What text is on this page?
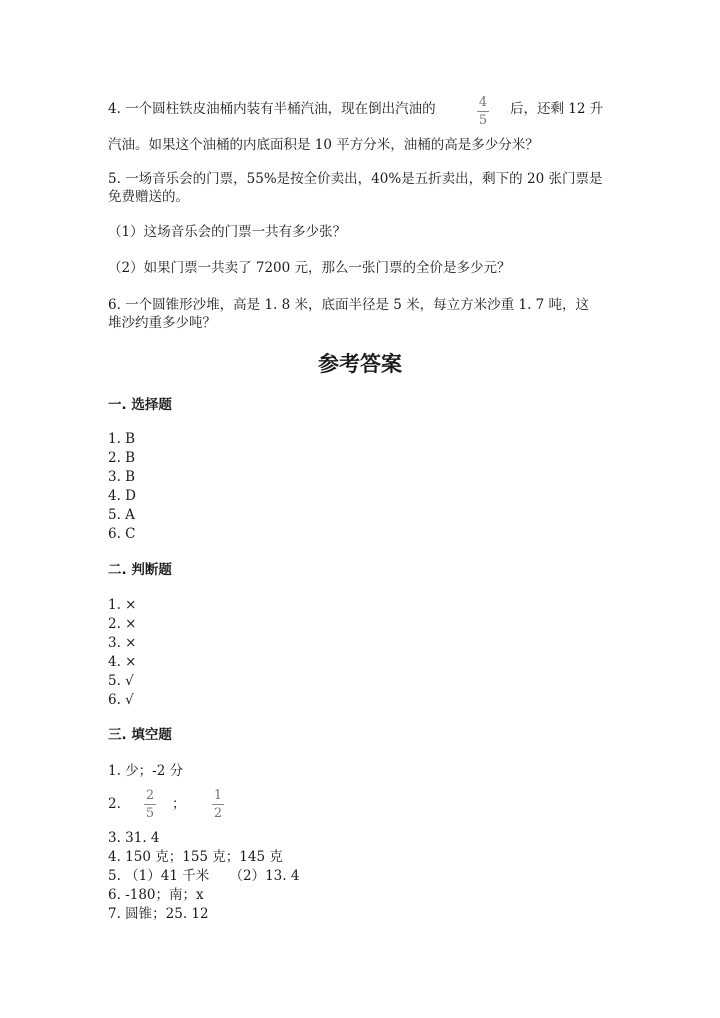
4. 一个圆柱铁皮油桶内装有半桶汽油，现在倒出汽油的	4
5
后，还剩 12 升
汽油。如果这个油桶的内底面积是 10 平方分米，油桶的高是多少分米？
5. 一场音乐会的门票，55%是按全价卖出，40%是五折卖出，剩下的 20 张门票是
免费赠送的。
（1）这场音乐会的门票一共有多少张？
（2）如果门票一共卖了 7200 元，那么一张门票的全价是多少元？
6. 一个圆锥形沙堆，高是 1. 8 米，底面半径是 5 米，每立方米沙重 1. 7 吨，这
堆沙约重多少吨？
参考答案
一. 选择题
1. B
2. B
3. B
4. D
5. A
6. C
二. 判断题
1. ×
2. ×
3. ×
4. ×
5. √
6. √
三. 填空题
1. 少；-2 分
2.
2
5
；
1
2
3. 31. 4
4. 150 克；155 克；145 克
5. （1）41 千米　　（2）13. 4
6. -180；南；x
7. 圆锥；25. 12
